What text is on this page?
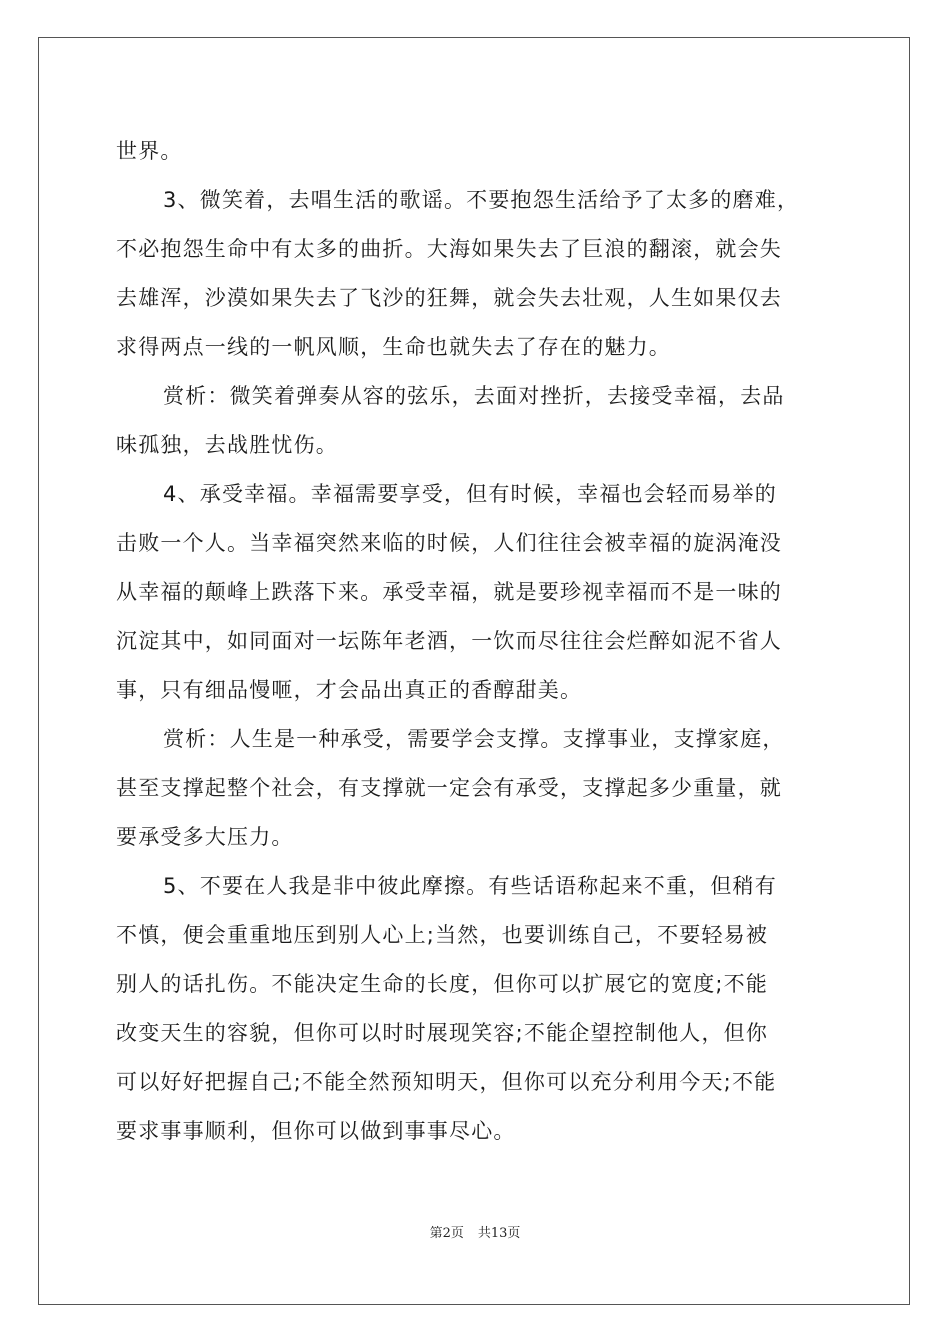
世界。
3、微笑着，去唱生活的歌谣。不要抱怨生活给予了太多的磨难，
不必抱怨生命中有太多的曲折。大海如果失去了巨浪的翻滚，就会失
去雄浑，沙漠如果失去了飞沙的狂舞，就会失去壮观，人生如果仅去
求得两点一线的一帆风顺，生命也就失去了存在的魅力。
赏析：微笑着弹奏从容的弦乐，去面对挫折，去接受幸福，去品
味孤独，去战胜忧伤。
4、承受幸福。幸福需要享受，但有时候，幸福也会轻而易举的
击败一个人。当幸福突然来临的时候，人们往往会被幸福的旋涡淹没
从幸福的颠峰上跌落下来。承受幸福，就是要珍视幸福而不是一味的
沉淀其中，如同面对一坛陈年老酒，一饮而尽往往会烂醉如泥不省人
事，只有细品慢咂，才会品出真正的香醇甜美。
赏析：人生是一种承受，需要学会支撑。支撑事业，支撑家庭，
甚至支撑起整个社会，有支撑就一定会有承受，支撑起多少重量，就
要承受多大压力。
5、不要在人我是非中彼此摩擦。有些话语称起来不重，但稍有
不慎，便会重重地压到别人心上;当然，也要训练自己，不要轻易被
别人的话扎伤。不能决定生命的长度，但你可以扩展它的宽度;不能
改变天生的容貌，但你可以时时展现笑容;不能企望控制他人，但你
可以好好把握自己;不能全然预知明天，但你可以充分利用今天;不能
要求事事顺利，但你可以做到事事尽心。
第2页 共13页
